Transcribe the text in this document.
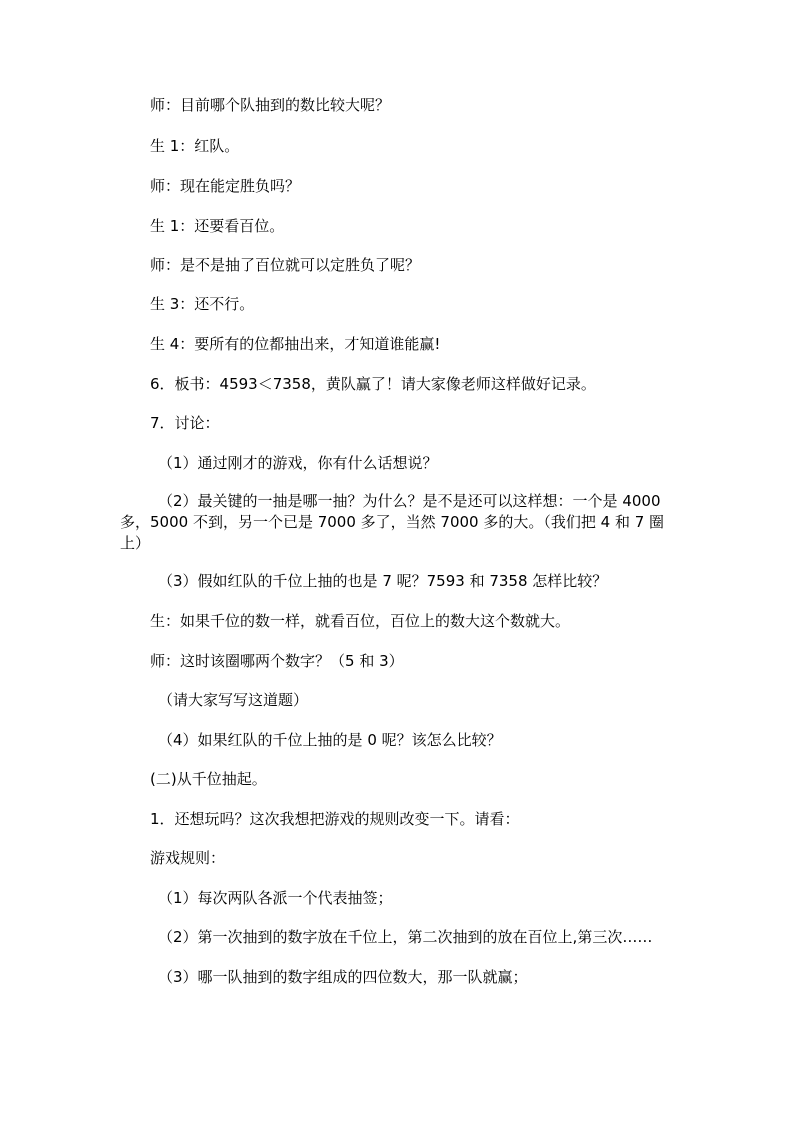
师：目前哪个队抽到的数比较大呢？

生 1：红队。

师：现在能定胜负吗？

生 1：还要看百位。

师：是不是抽了百位就可以定胜负了呢？

生 3：还不行。

生 4：要所有的位都抽出来，才知道谁能赢!

6．板书：4593＜7358，黄队赢了！请大家像老师这样做好记录。

7．讨论：

（1）通过刚才的游戏，你有什么话想说？

（2）最关键的一抽是哪一抽？为什么？是不是还可以这样想：一个是 4000 多，5000 不到，另一个已是 7000 多了，当然 7000 多的大。（我们把 4 和 7 圈上）

（3）假如红队的千位上抽的也是 7 呢？7593 和 7358 怎样比较？

生：如果千位的数一样，就看百位，百位上的数大这个数就大。

师：这时该圈哪两个数字？（5 和 3）

（请大家写写这道题）

（4）如果红队的千位上抽的是 0 呢？该怎么比较？

(二)从千位抽起。

1．还想玩吗？这次我想把游戏的规则改变一下。请看：

游戏规则：

（1）每次两队各派一个代表抽签；

（2）第一次抽到的数字放在千位上，第二次抽到的放在百位上,第三次……

（3）哪一队抽到的数字组成的四位数大，那一队就赢；
